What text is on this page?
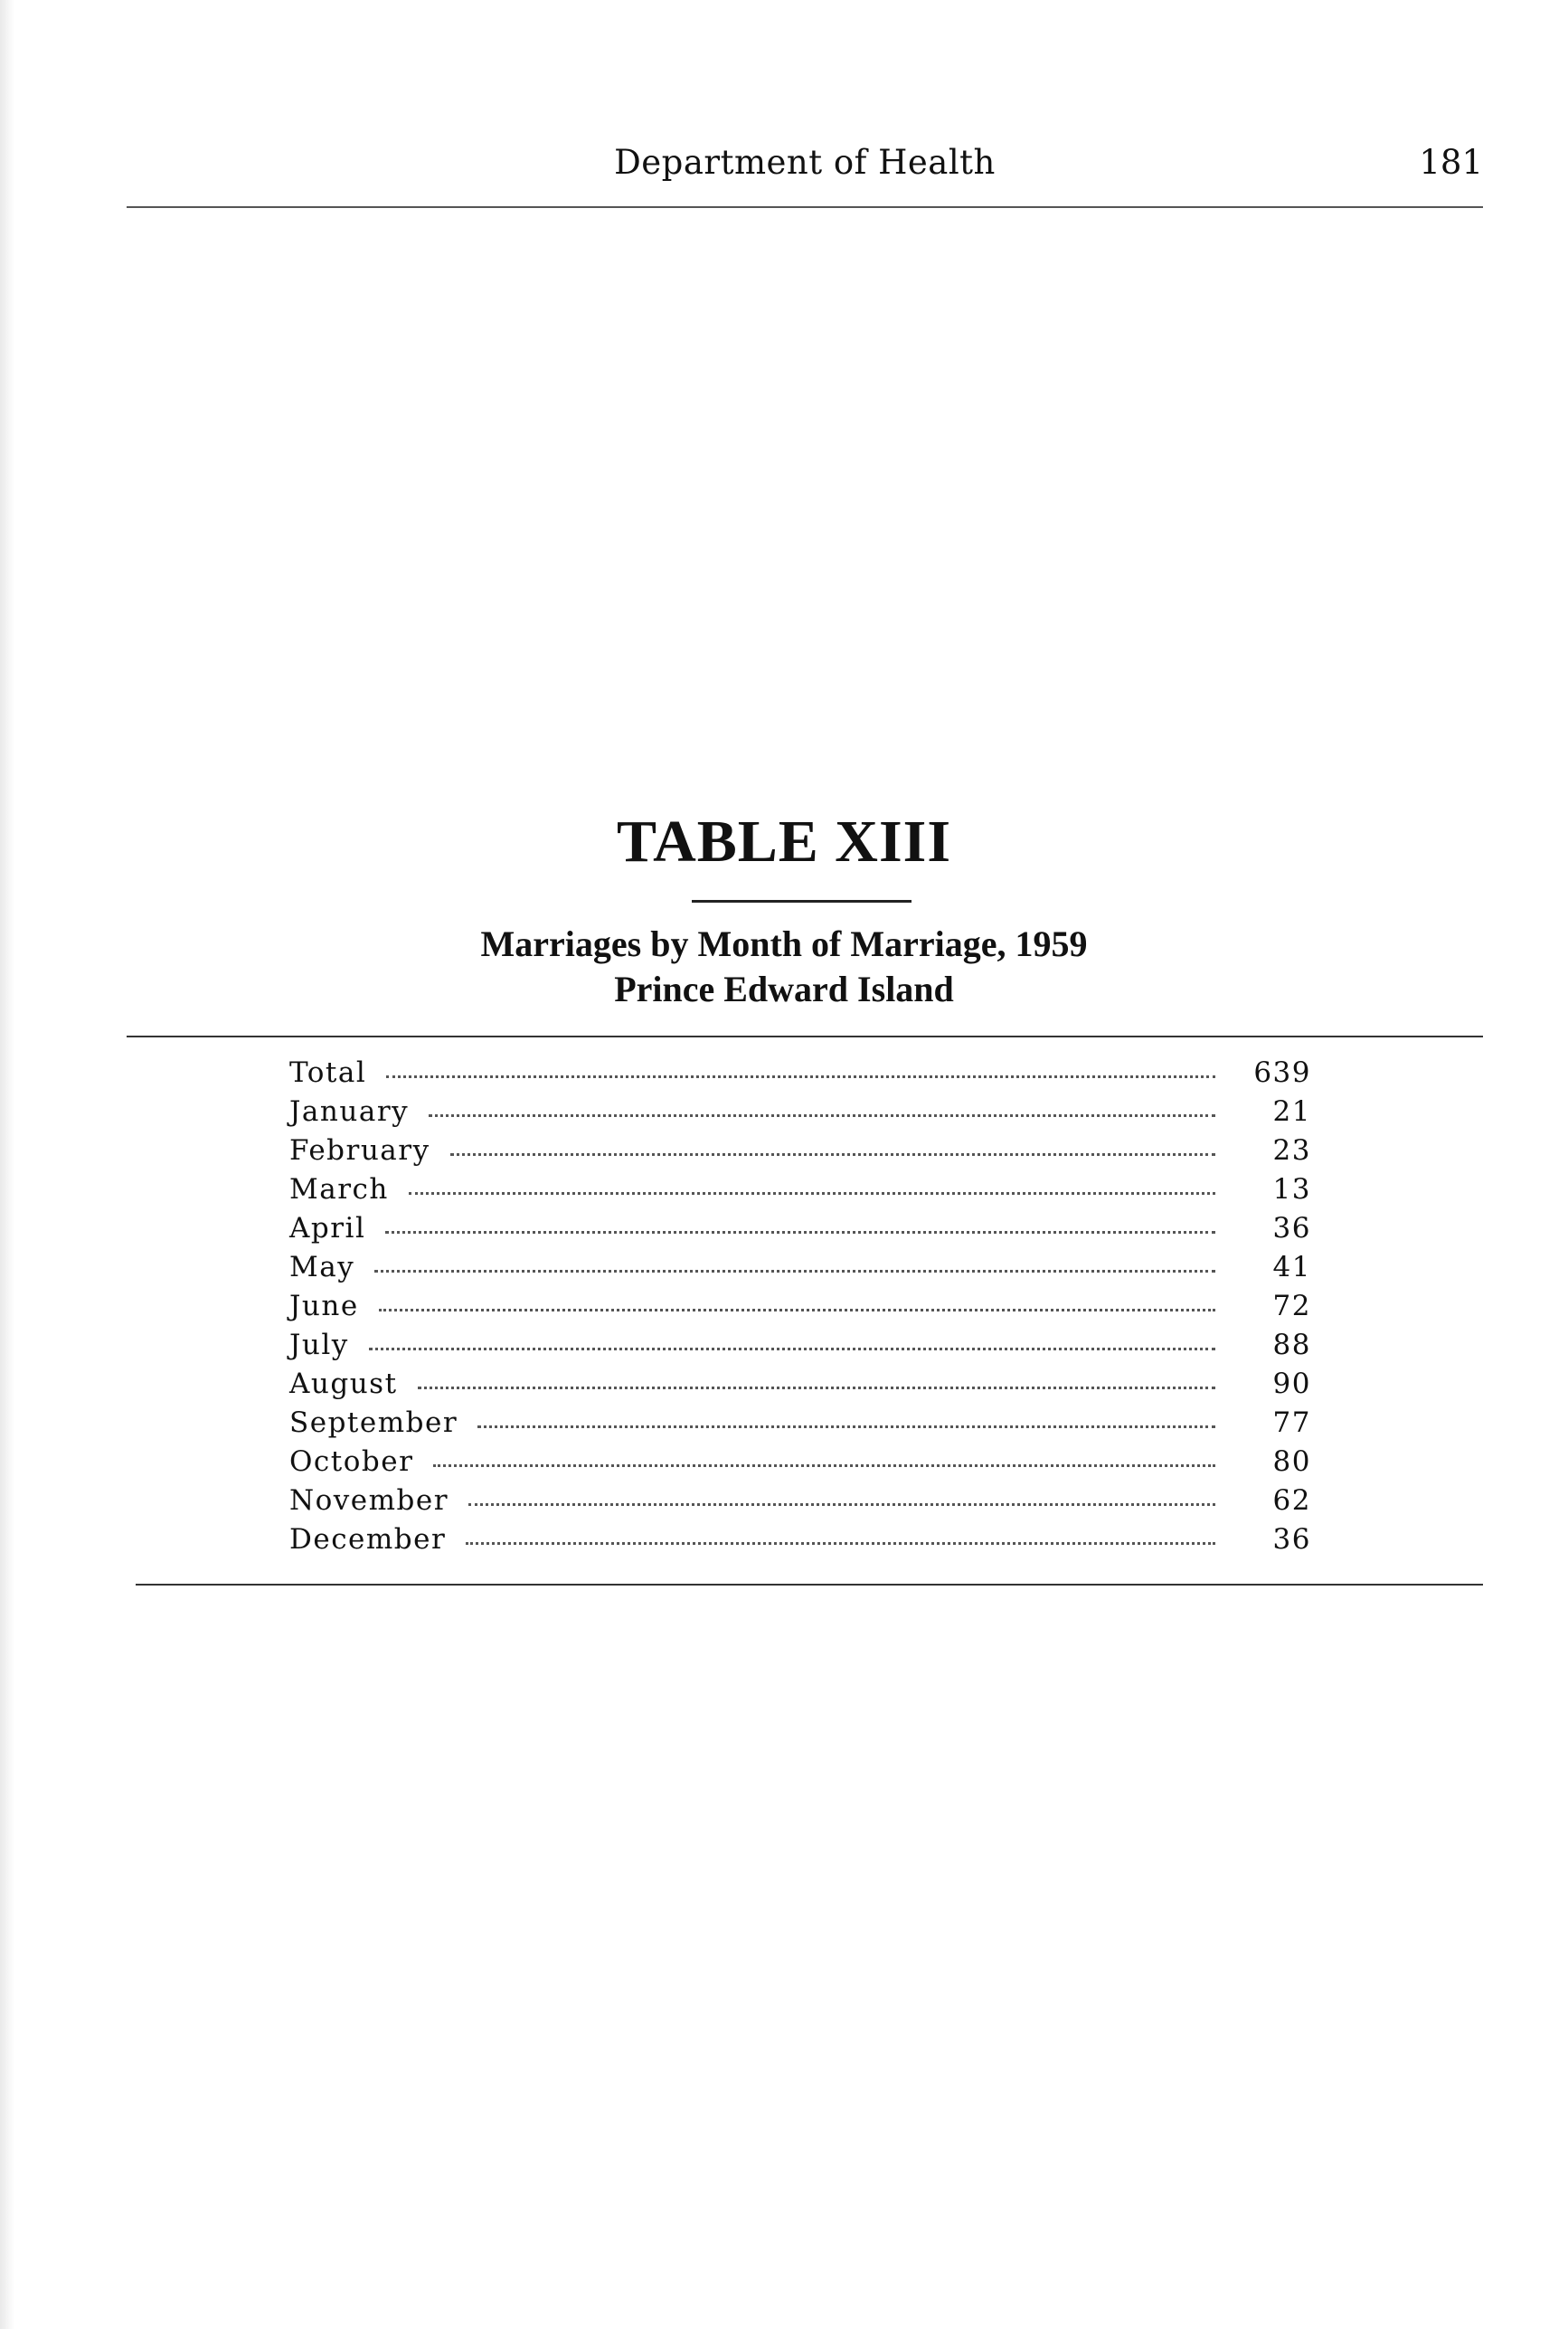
Department of Health	181
TABLE XIII
Marriages by Month of Marriage, 1959
Prince Edward Island
Total	639
January	21
February	23
March	13
April	36
May	41
June	72
July	88
August	90
September	77
October	80
November	62
December	36
